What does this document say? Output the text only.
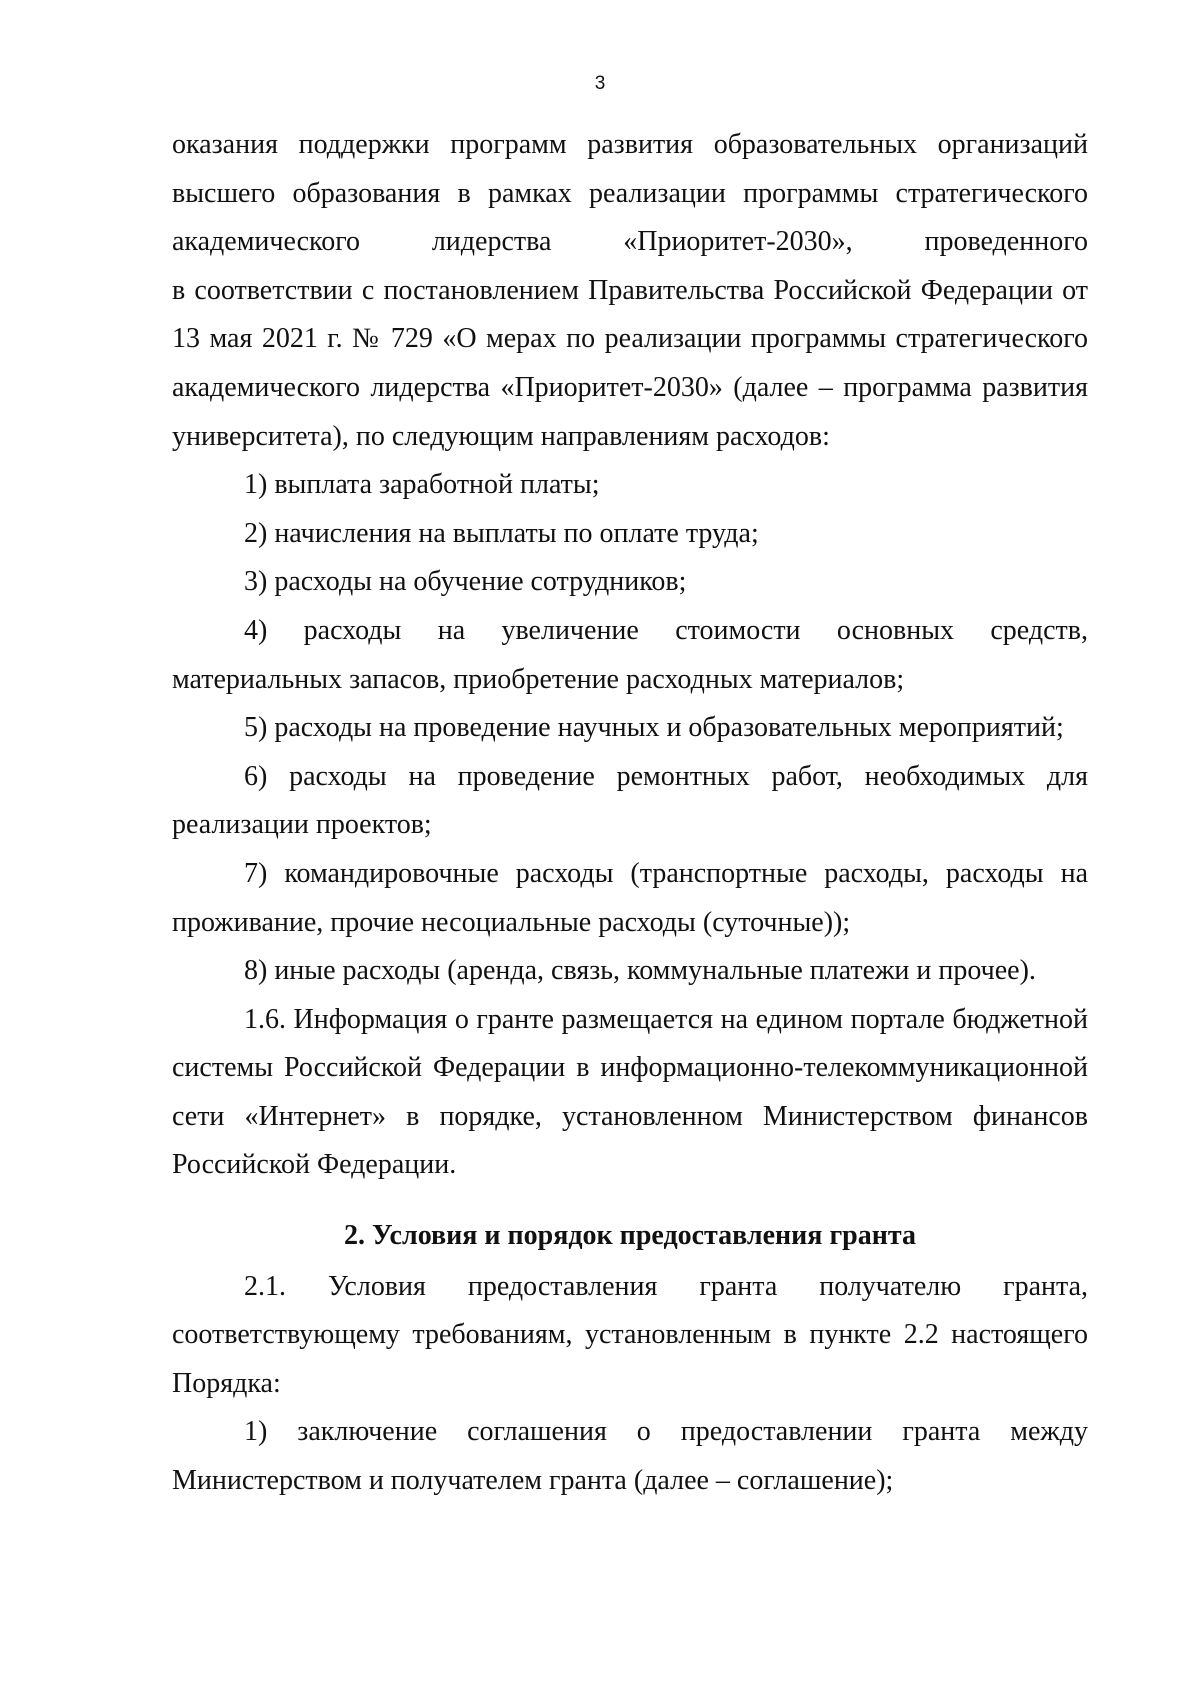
3

оказания поддержки программ развития образовательных организаций

высшего образования в рамках реализации программы стратегического

академического лидерства «Приоритет-2030», проведенного

в соответствии с постановлением Правительства Российской Федерации от 13 мая 2021 г. № 729 «О мерах по реализации программы стратегического академического лидерства «Приоритет-2030» (далее – программа развития университета), по следующим направлениям расходов:

1) выплата заработной платы;

2) начисления на выплаты по оплате труда;

3) расходы на обучение сотрудников;

4) расходы на увеличение стоимости основных средств, материальных запасов, приобретение расходных материалов;

5) расходы на проведение научных и образовательных мероприятий;

6) расходы на проведение ремонтных работ, необходимых для реализации проектов;

7) командировочные расходы (транспортные расходы, расходы на проживание, прочие несоциальные расходы (суточные));

8) иные расходы (аренда, связь, коммунальные платежи и прочее).

1.6. Информация о гранте размещается на едином портале бюджетной системы Российской Федерации в информационно-телекоммуникационной сети «Интернет» в порядке, установленном Министерством финансов Российской Федерации.

2. Условия и порядок предоставления гранта

2.1. Условия предоставления гранта получателю гранта, соответствующему требованиям, установленным в пункте 2.2 настоящего Порядка:

1) заключение соглашения о предоставлении гранта между Министерством и получателем гранта (далее – соглашение);
